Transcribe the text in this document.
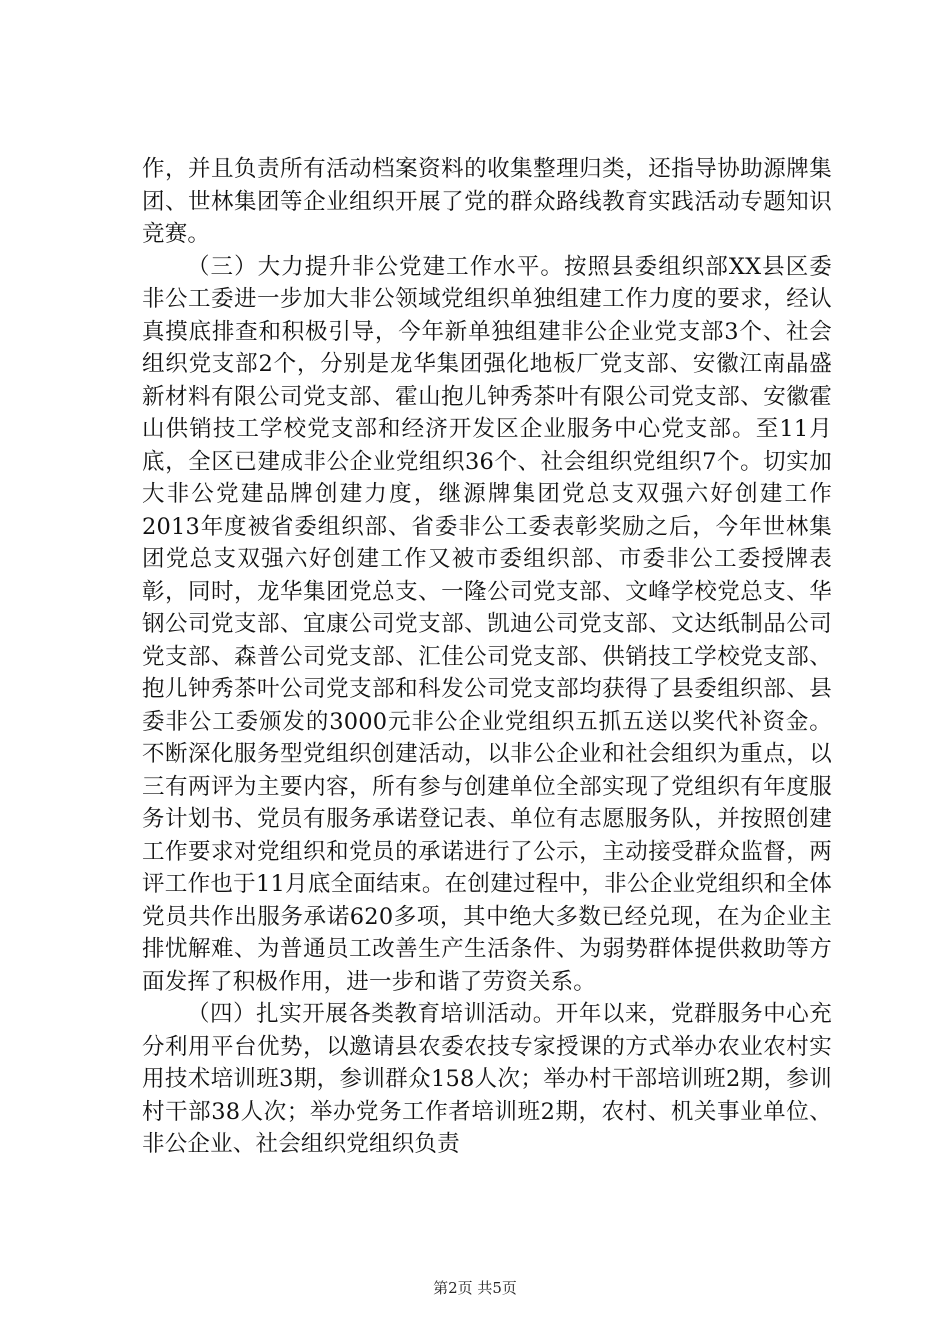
作，并且负责所有活动档案资料的收集整理归类，还指导协助源牌集团、世林集团等企业组织开展了党的群众路线教育实践活动专题知识竞赛。

（三）大力提升非公党建工作水平。按照县委组织部XX县区委非公工委进一步加大非公领域党组织单独组建工作力度的要求，经认真摸底排查和积极引导，今年新单独组建非公企业党支部3个、社会组织党支部2个，分别是龙华集团强化地板厂党支部、安徽江南晶盛新材料有限公司党支部、霍山抱儿钟秀茶叶有限公司党支部、安徽霍山供销技工学校党支部和经济开发区企业服务中心党支部。至11月底，全区已建成非公企业党组织36个、社会组织党组织7个。切实加大非公党建品牌创建力度，继源牌集团党总支双强六好创建工作2013年度被省委组织部、省委非公工委表彰奖励之后，今年世林集团党总支双强六好创建工作又被市委组织部、市委非公工委授牌表彰，同时，龙华集团党总支、一隆公司党支部、文峰学校党总支、华钢公司党支部、宜康公司党支部、凯迪公司党支部、文达纸制品公司党支部、森普公司党支部、汇佳公司党支部、供销技工学校党支部、抱儿钟秀茶叶公司党支部和科发公司党支部均获得了县委组织部、县委非公工委颁发的3000元非公企业党组织五抓五送以奖代补资金。不断深化服务型党组织创建活动，以非公企业和社会组织为重点，以三有两评为主要内容，所有参与创建单位全部实现了党组织有年度服务计划书、党员有服务承诺登记表、单位有志愿服务队，并按照创建工作要求对党组织和党员的承诺进行了公示，主动接受群众监督，两评工作也于11月底全面结束。在创建过程中，非公企业党组织和全体党员共作出服务承诺620多项，其中绝大多数已经兑现，在为企业主排忧解难、为普通员工改善生产生活条件、为弱势群体提供救助等方面发挥了积极作用，进一步和谐了劳资关系。

（四）扎实开展各类教育培训活动。开年以来，党群服务中心充分利用平台优势，以邀请县农委农技专家授课的方式举办农业农村实用技术培训班3期，参训群众158人次；举办村干部培训班2期，参训村干部38人次；举办党务工作者培训班2期，农村、机关事业单位、非公企业、社会组织党组织负责

第2页 共5页
